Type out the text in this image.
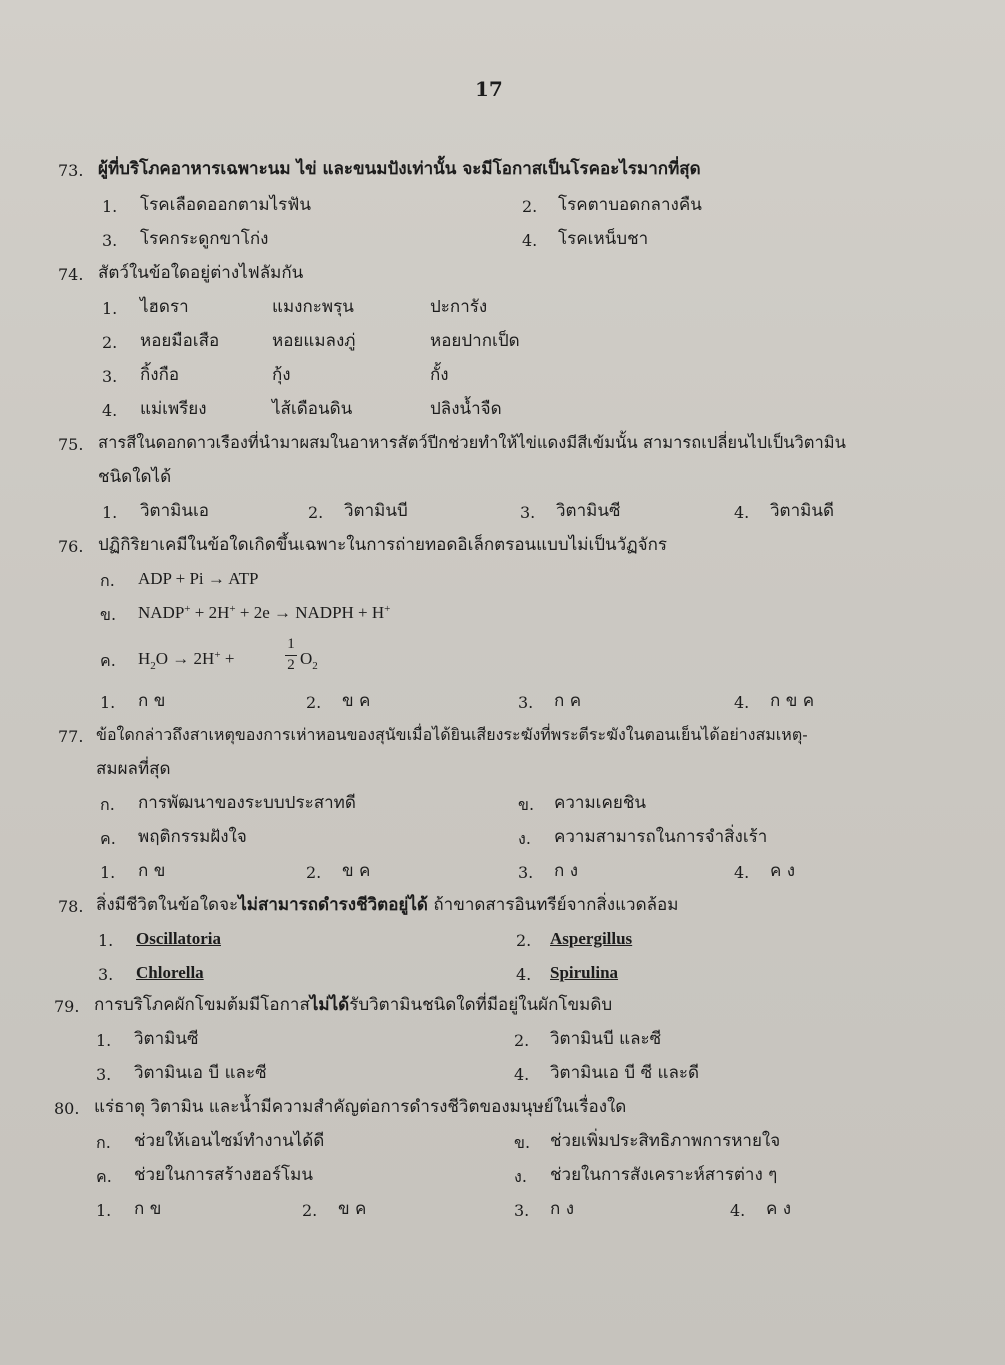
17
73. ผู้ที่บริโภคอาหารเฉพาะนม ไข่ และขนมปังเท่านั้น จะมีโอกาสเป็นโรคอะไรมากที่สุด
1. โรคเลือดออกตามไรฟัน	2. โรคตาบอดกลางคืน
3. โรคกระดูกขาโก่ง	4. โรคเหน็บชา
74. สัตว์ในข้อใดอยู่ต่างไฟลัมกัน
1. ไฮดรา	แมงกะพรุน	ปะการัง
2. หอยมือเสือ	หอยแมลงภู่	หอยปากเป็ด
3. กิ้งกือ	กุ้ง	กั้ง
4. แม่เพรียง	ไส้เดือนดิน	ปลิงน้ำจืด
75. สารสีในดอกดาวเรืองที่นำมาผสมในอาหารสัตว์ปีกช่วยทำให้ไข่แดงมีสีเข้มนั้น สามารถเปลี่ยนไปเป็นวิตามิน
ชนิดใดได้
1. วิตามินเอ	2. วิตามินบี	3. วิตามินซี	4. วิตามินดี
76. ปฏิกิริยาเคมีในข้อใดเกิดขึ้นเฉพาะในการถ่ายทอดอิเล็กตรอนแบบไม่เป็นวัฏจักร
ก. ADP + Pi → ATP
ข. NADP+ + 2H+ + 2e → NADPH + H+
ค. $H_2O \to 2H^+$ +
1
2 $O_2$
1. ก ข	2. ข ค	3. ก ค	4. ก ข ค
77. ข้อใดกล่าวถึงสาเหตุของการเห่าหอนของสุนัขเมื่อได้ยินเสียงระฆังที่พระตีระฆังในตอนเย็นได้อย่างสมเหตุ-
สมผลที่สุด
ก. การพัฒนาของระบบประสาทดี	ข. ความเคยชิน
ค. พฤติกรรมฝังใจ	ง. ความสามารถในการจำสิ่งเร้า
1. ก ข	2. ข ค	3. ก ง	4. ค ง
78. สิ่งมีชีวิตในข้อใดจะไม่สามารถดำรงชีวิตอยู่ได้ ถ้าขาดสารอินทรีย์จากสิ่งแวดล้อม
1. Oscillatoria	2. Aspergillus
3. Chlorella	4. Spirulina
79. การบริโภคผักโขมต้มมีโอกาสไม่ได้รับวิตามินชนิดใดที่มีอยู่ในผักโขมดิบ
1. วิตามินซี	2. วิตามินบี และซี
3. วิตามินเอ บี และซี	4. วิตามินเอ บี ซี และดี
80. แร่ธาตุ วิตามิน และน้ำมีความสำคัญต่อการดำรงชีวิตของมนุษย์ในเรื่องใด
ก. ช่วยให้เอนไซม์ทำงานได้ดี	ข. ช่วยเพิ่มประสิทธิภาพการหายใจ
ค. ช่วยในการสร้างฮอร์โมน	ง. ช่วยในการสังเคราะห์สารต่าง ๆ
1. ก ข	2. ข ค	3. ก ง	4. ค ง
